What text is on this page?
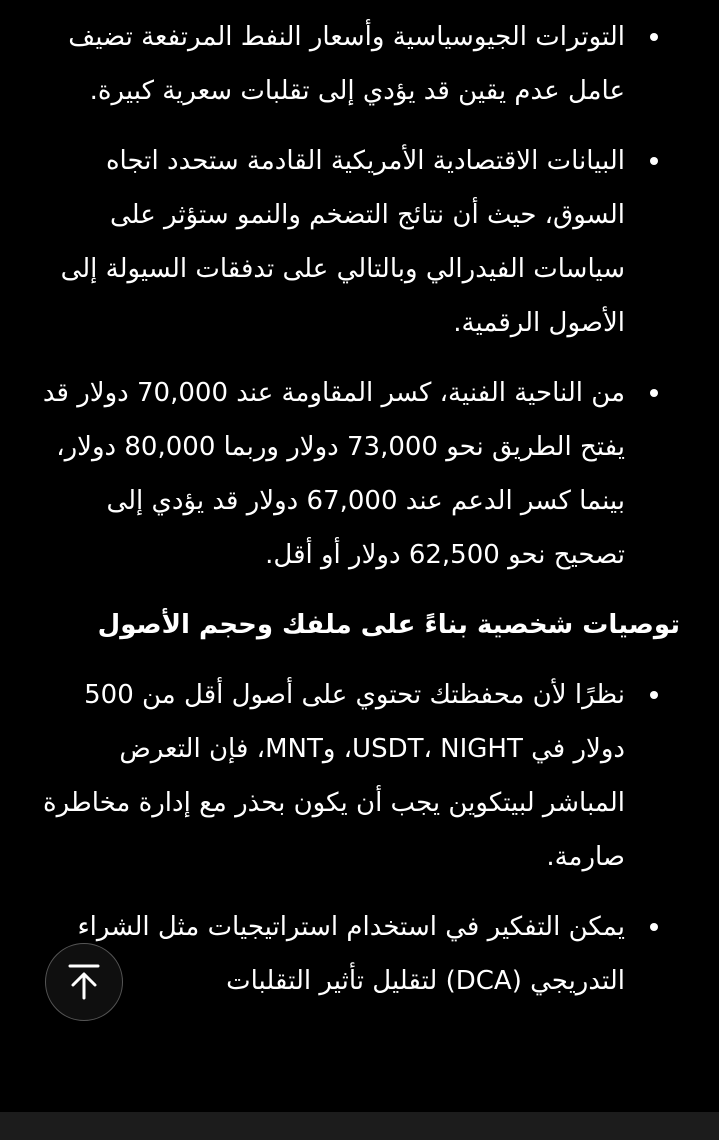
التوترات الجيوسياسية وأسعار النفط المرتفعة تضيف عامل عدم يقين قد يؤدي إلى تقلبات سعرية كبيرة.
البيانات الاقتصادية الأمريكية القادمة ستحدد اتجاه السوق، حيث أن نتائج التضخم والنمو ستؤثر على سياسات الفيدرالي وبالتالي على تدفقات السيولة إلى الأصول الرقمية.
من الناحية الفنية، كسر المقاومة عند 70,000 دولار قد يفتح الطريق نحو 73,000 دولار وربما 80,000 دولار، بينما كسر الدعم عند 67,000 دولار قد يؤدي إلى تصحيح نحو 62,500 دولار أو أقل.
توصيات شخصية بناءً على ملفك وحجم الأصول
نظرًا لأن محفظتك تحتوي على أصول أقل من 500 دولار في USDT، NIGHT، وMNT، فإن التعرض المباشر لبيتكوين يجب أن يكون بحذر مع إدارة مخاطرة صارمة.
يمكن التفكير في استخدام استراتيجيات مثل الشراء التدريجي (DCA) لتقليل تأثير التقلبات
